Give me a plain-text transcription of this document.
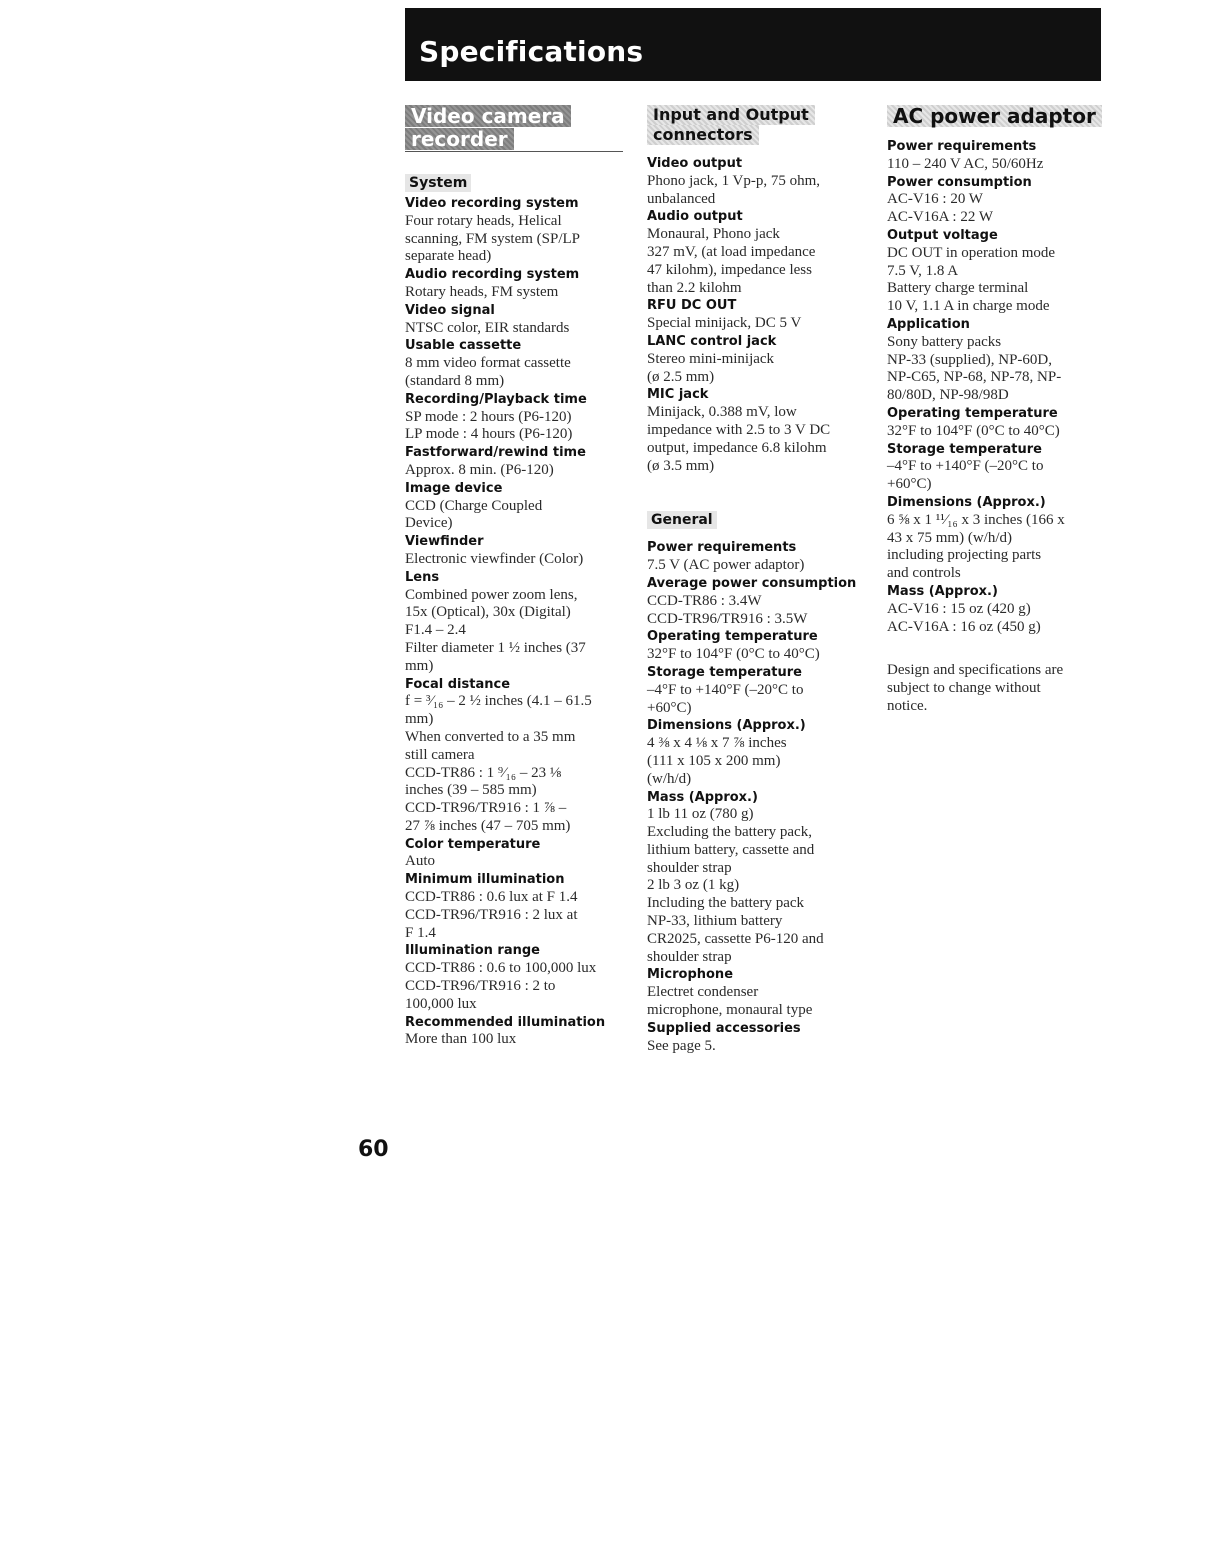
Specifications
Video camera
recorder
System
Video recording system
Four rotary heads, Helical
scanning, FM system (SP/LP
separate head)
Audio recording system
Rotary heads, FM system
Video signal
NTSC color, EIR standards
Usable cassette
8 mm video format cassette
(standard 8 mm)
Recording/Playback time
SP mode : 2 hours (P6-120)
LP mode : 4 hours (P6-120)
Fastforward/rewind time
Approx. 8 min. (P6-120)
Image device
CCD (Charge Coupled
Device)
Viewfinder
Electronic viewfinder (Color)
Lens
Combined power zoom lens,
15x (Optical), 30x (Digital)
F1.4 – 2.4
Filter diameter 1 ½ inches (37
mm)
Focal distance
f = ³⁄₁₆ – 2 ½ inches (4.1 – 61.5
mm)
When converted to a 35 mm
still camera
CCD-TR86 : 1 ⁹⁄₁₆ – 23 ⅛
inches (39 – 585 mm)
CCD-TR96/TR916 : 1 ⅞ –
27 ⅞ inches (47 – 705 mm)
Color temperature
Auto
Minimum illumination
CCD-TR86 : 0.6 lux at F 1.4
CCD-TR96/TR916 : 2 lux at
F 1.4
Illumination range
CCD-TR86 : 0.6 to 100,000 lux
CCD-TR96/TR916 : 2 to
100,000 lux
Recommended illumination
More than 100 lux
Input and Output
connectors
Video output
Phono jack, 1 Vp-p, 75 ohm,
unbalanced
Audio output
Monaural, Phono jack
327 mV, (at load impedance
47 kilohm), impedance less
than 2.2 kilohm
RFU DC OUT
Special minijack, DC 5 V
LANC control jack
Stereo mini-minijack
(ø 2.5 mm)
MIC jack
Minijack, 0.388 mV, low
impedance with 2.5 to 3 V DC
output, impedance 6.8 kilohm
(ø 3.5 mm)
General
Power requirements
7.5 V (AC power adaptor)
Average power consumption
CCD-TR86 : 3.4W
CCD-TR96/TR916 : 3.5W
Operating temperature
32°F to 104°F (0°C to 40°C)
Storage temperature
–4°F to +140°F (–20°C to
+60°C)
Dimensions (Approx.)
4 ⅜ x 4 ⅛ x 7 ⅞ inches
(111 x 105 x 200 mm)
(w/h/d)
Mass (Approx.)
1 lb 11 oz (780 g)
Excluding the battery pack,
lithium battery, cassette and
shoulder strap
2 lb 3 oz (1 kg)
Including the battery pack
NP-33, lithium battery
CR2025, cassette P6-120 and
shoulder strap
Microphone
Electret condenser
microphone, monaural type
Supplied accessories
See page 5.
AC power adaptor
Power requirements
110 – 240 V AC, 50/60Hz
Power consumption
AC-V16 : 20 W
AC-V16A : 22 W
Output voltage
DC OUT in operation mode
7.5 V, 1.8 A
Battery charge terminal
10 V, 1.1 A in charge mode
Application
Sony battery packs
NP-33 (supplied), NP-60D,
NP-C65, NP-68, NP-78, NP-
80/80D, NP-98/98D
Operating temperature
32°F to 104°F (0°C to 40°C)
Storage temperature
–4°F to +140°F (–20°C to
+60°C)
Dimensions (Approx.)
6 ⅝ x 1 ¹¹⁄₁₆ x 3 inches (166 x
43 x 75 mm) (w/h/d)
including projecting parts
and controls
Mass (Approx.)
AC-V16 : 15 oz (420 g)
AC-V16A : 16 oz (450 g)
Design and specifications are
subject to change without
notice.
60
